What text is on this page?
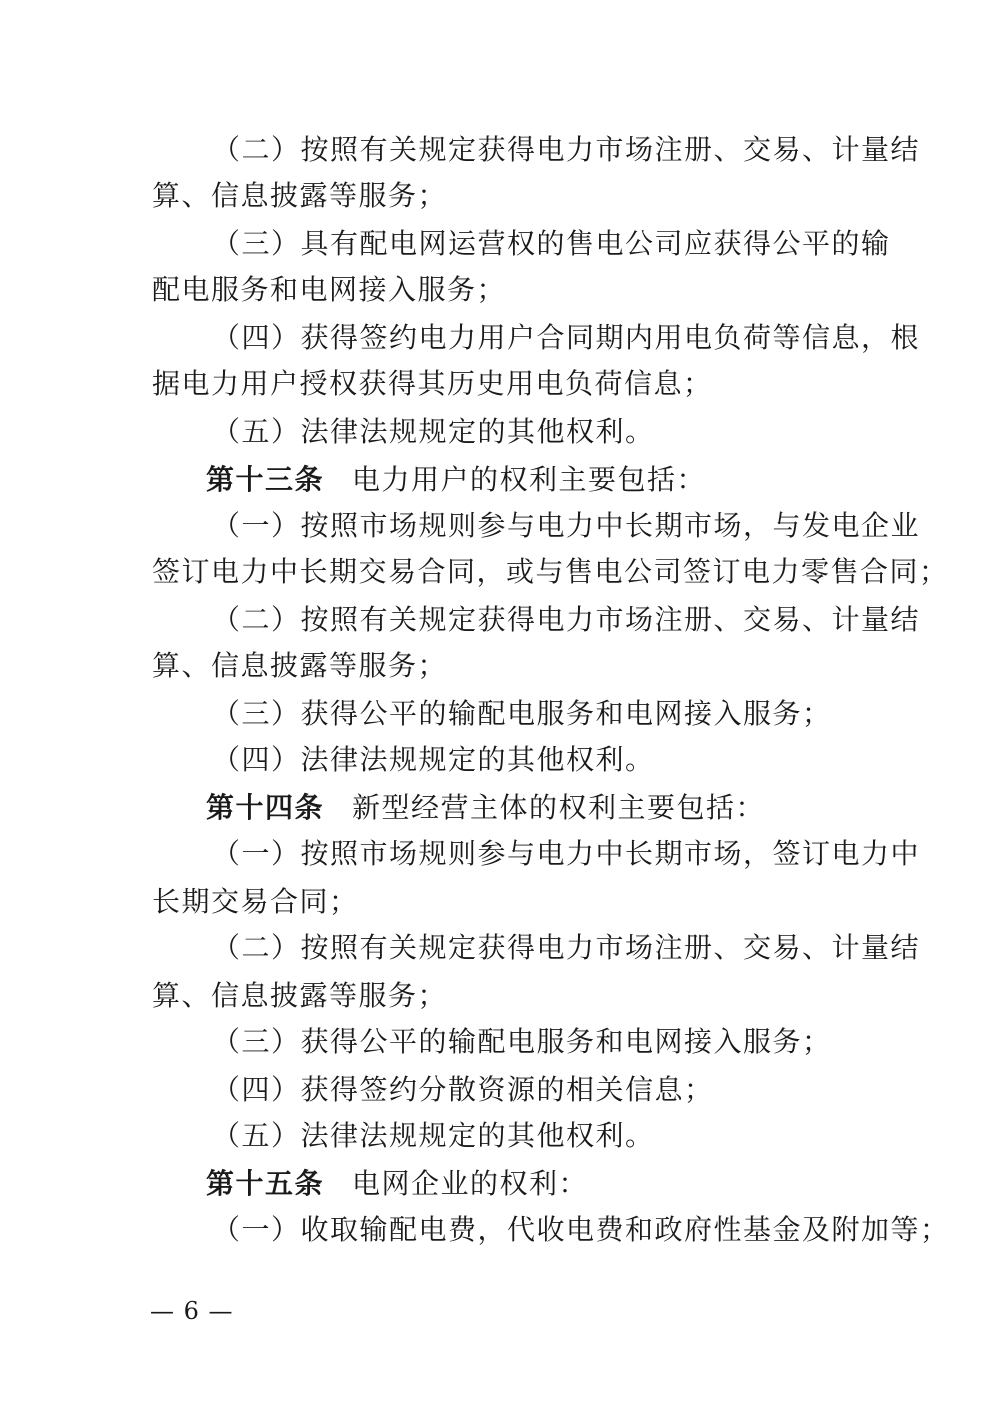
（二）按照有关规定获得电力市场注册、交易、计量结
算、信息披露等服务；
（三）具有配电网运营权的售电公司应获得公平的输
配电服务和电网接入服务；
（四）获得签约电力用户合同期内用电负荷等信息，根
据电力用户授权获得其历史用电负荷信息；
（五）法律法规规定的其他权利。
第十三条 电力用户的权利主要包括：
（一）按照市场规则参与电力中长期市场，与发电企业
签订电力中长期交易合同，或与售电公司签订电力零售合同；
（二）按照有关规定获得电力市场注册、交易、计量结
算、信息披露等服务；
（三）获得公平的输配电服务和电网接入服务；
（四）法律法规规定的其他权利。
第十四条 新型经营主体的权利主要包括：
（一）按照市场规则参与电力中长期市场，签订电力中
长期交易合同；
（二）按照有关规定获得电力市场注册、交易、计量结
算、信息披露等服务；
（三）获得公平的输配电服务和电网接入服务；
（四）获得签约分散资源的相关信息；
（五）法律法规规定的其他权利。
第十五条 电网企业的权利：
（一）收取输配电费，代收电费和政府性基金及附加等；
— 6 —
